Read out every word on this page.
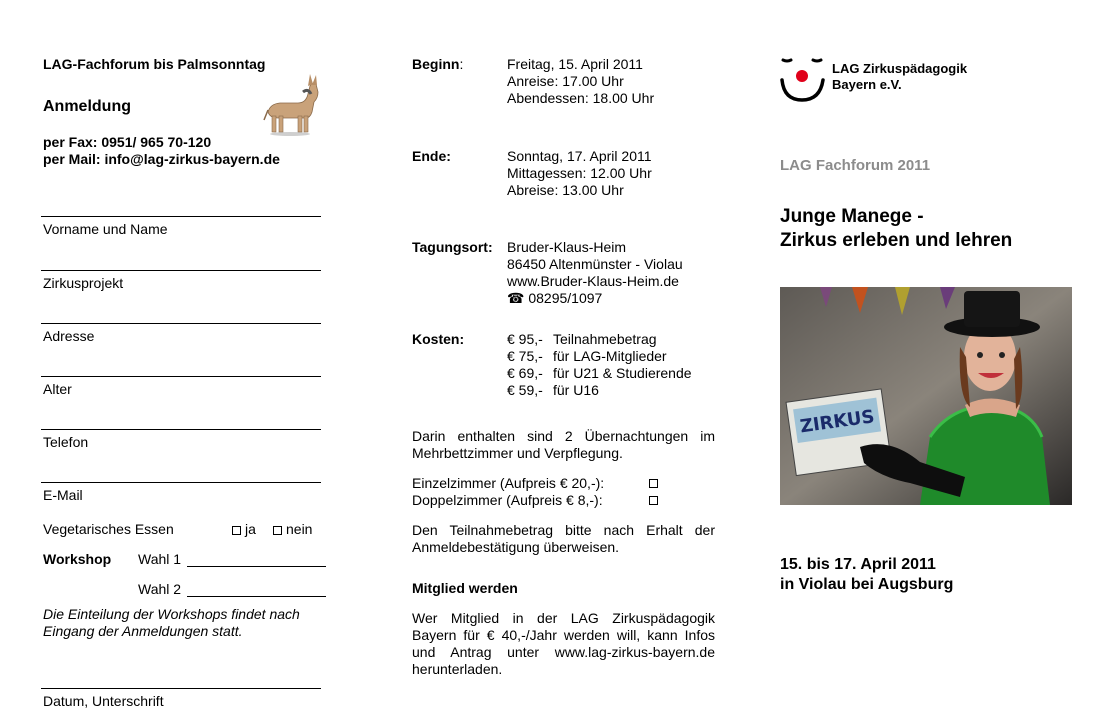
LAG-Fachforum bis Palmsonntag
Anmeldung
per Fax: 0951/ 965 70-120
per Mail: info@lag-zirkus-bayern.de
Vorname und Name
Zirkusprojekt
Adresse
Alter
Telefon
E-Mail
Vegetarisches Essen	ja	nein
Workshop Wahl 1
Wahl 2
Die Einteilung der Workshops findet nach Eingang der Anmeldungen statt.
Datum, Unterschrift
Beginn:	Freitag, 15. April 2011
Anreise: 17.00 Uhr
Abendessen: 18.00 Uhr
Ende:	Sonntag, 17. April 2011
Mittagessen: 12.00 Uhr
Abreise: 13.00 Uhr
Tagungsort: Bruder-Klaus-Heim
86450 Altenmünster - Violau
www.Bruder-Klaus-Heim.de
☎ 08295/1097
Kosten:	€ 95,- Teilnahmebetrag
€ 75,- für LAG-Mitglieder
€ 69,- für U21 & Studierende
€ 59,- für U16
Darin enthalten sind 2 Übernachtungen im Mehrbettzimmer und Verpflegung.
Einzelzimmer (Aufpreis € 20,-):
Doppelzimmer (Aufpreis € 8,-):
Den Teilnahmebetrag bitte nach Erhalt der Anmeldebestätigung überweisen.
Mitglied werden
Wer Mitglied in der LAG Zirkuspädagogik Bayern für € 40,-/Jahr werden will, kann Infos und Antrag unter www.lag-zirkus-bayern.de herunterladen.
LAG Zirkuspädagogik
Bayern e.V.
LAG Fachforum 2011
Junge Manege -
Zirkus erleben und lehren
ZIRKUS
15. bis 17. April 2011
in Violau bei Augsburg
